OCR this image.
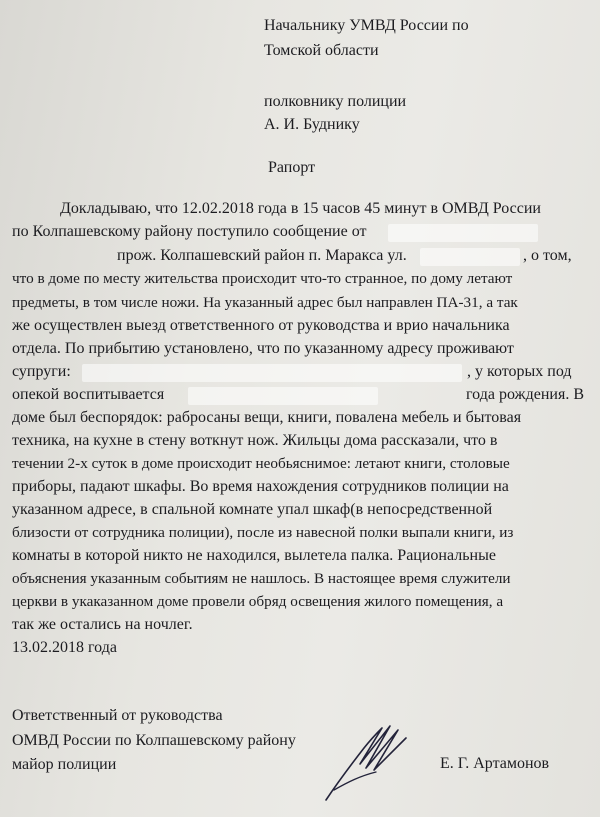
Начальнику УМВД России по
Томской области
полковнику полиции
А. И. Буднику
Рапорт
Докладываю, что 12.02.2018 года в 15 часов 45 минут в ОМВД России
по Колпашевскому району поступило сообщение от
прож. Колпашевский район п. Маракса ул.	, о том,
что в доме по месту жительства происходит что-то странное, по дому летают
предметы, в том числе ножи. На указанный адрес был направлен ПА-31, а так
же осуществлен выезд ответственного от руководства и врио начальника
отдела. По прибытию установлено, что по указанному адресу проживают
супруги:	, у которых под
опекой воспитывается	года рождения. В
доме был беспорядок: рабросаны вещи, книги, повалена мебель и бытовая
техника, на кухне в стену воткнут нож. Жильцы дома рассказали, что в
течении 2-х суток в доме происходит необьяснимое: летают книги, столовые
приборы, падают шкафы. Во время нахождения сотрудников полиции на
указанном адресе, в спальной комнате упал шкаф(в непосредственной
близости от сотрудника полиции), после из навесной полки выпали книги, из
комнаты в которой никто не находился, вылетела палка. Рациональные
объяснения указанным событиям не нашлось. В настоящее время служители
церкви в укаказанном доме провели обряд освещения жилого помещения, а
так же остались на ночлег.
13.02.2018 года
Ответственный от руководства
ОМВД России по Колпашевскому району
майор полиции	Е. Г. Артамонов
